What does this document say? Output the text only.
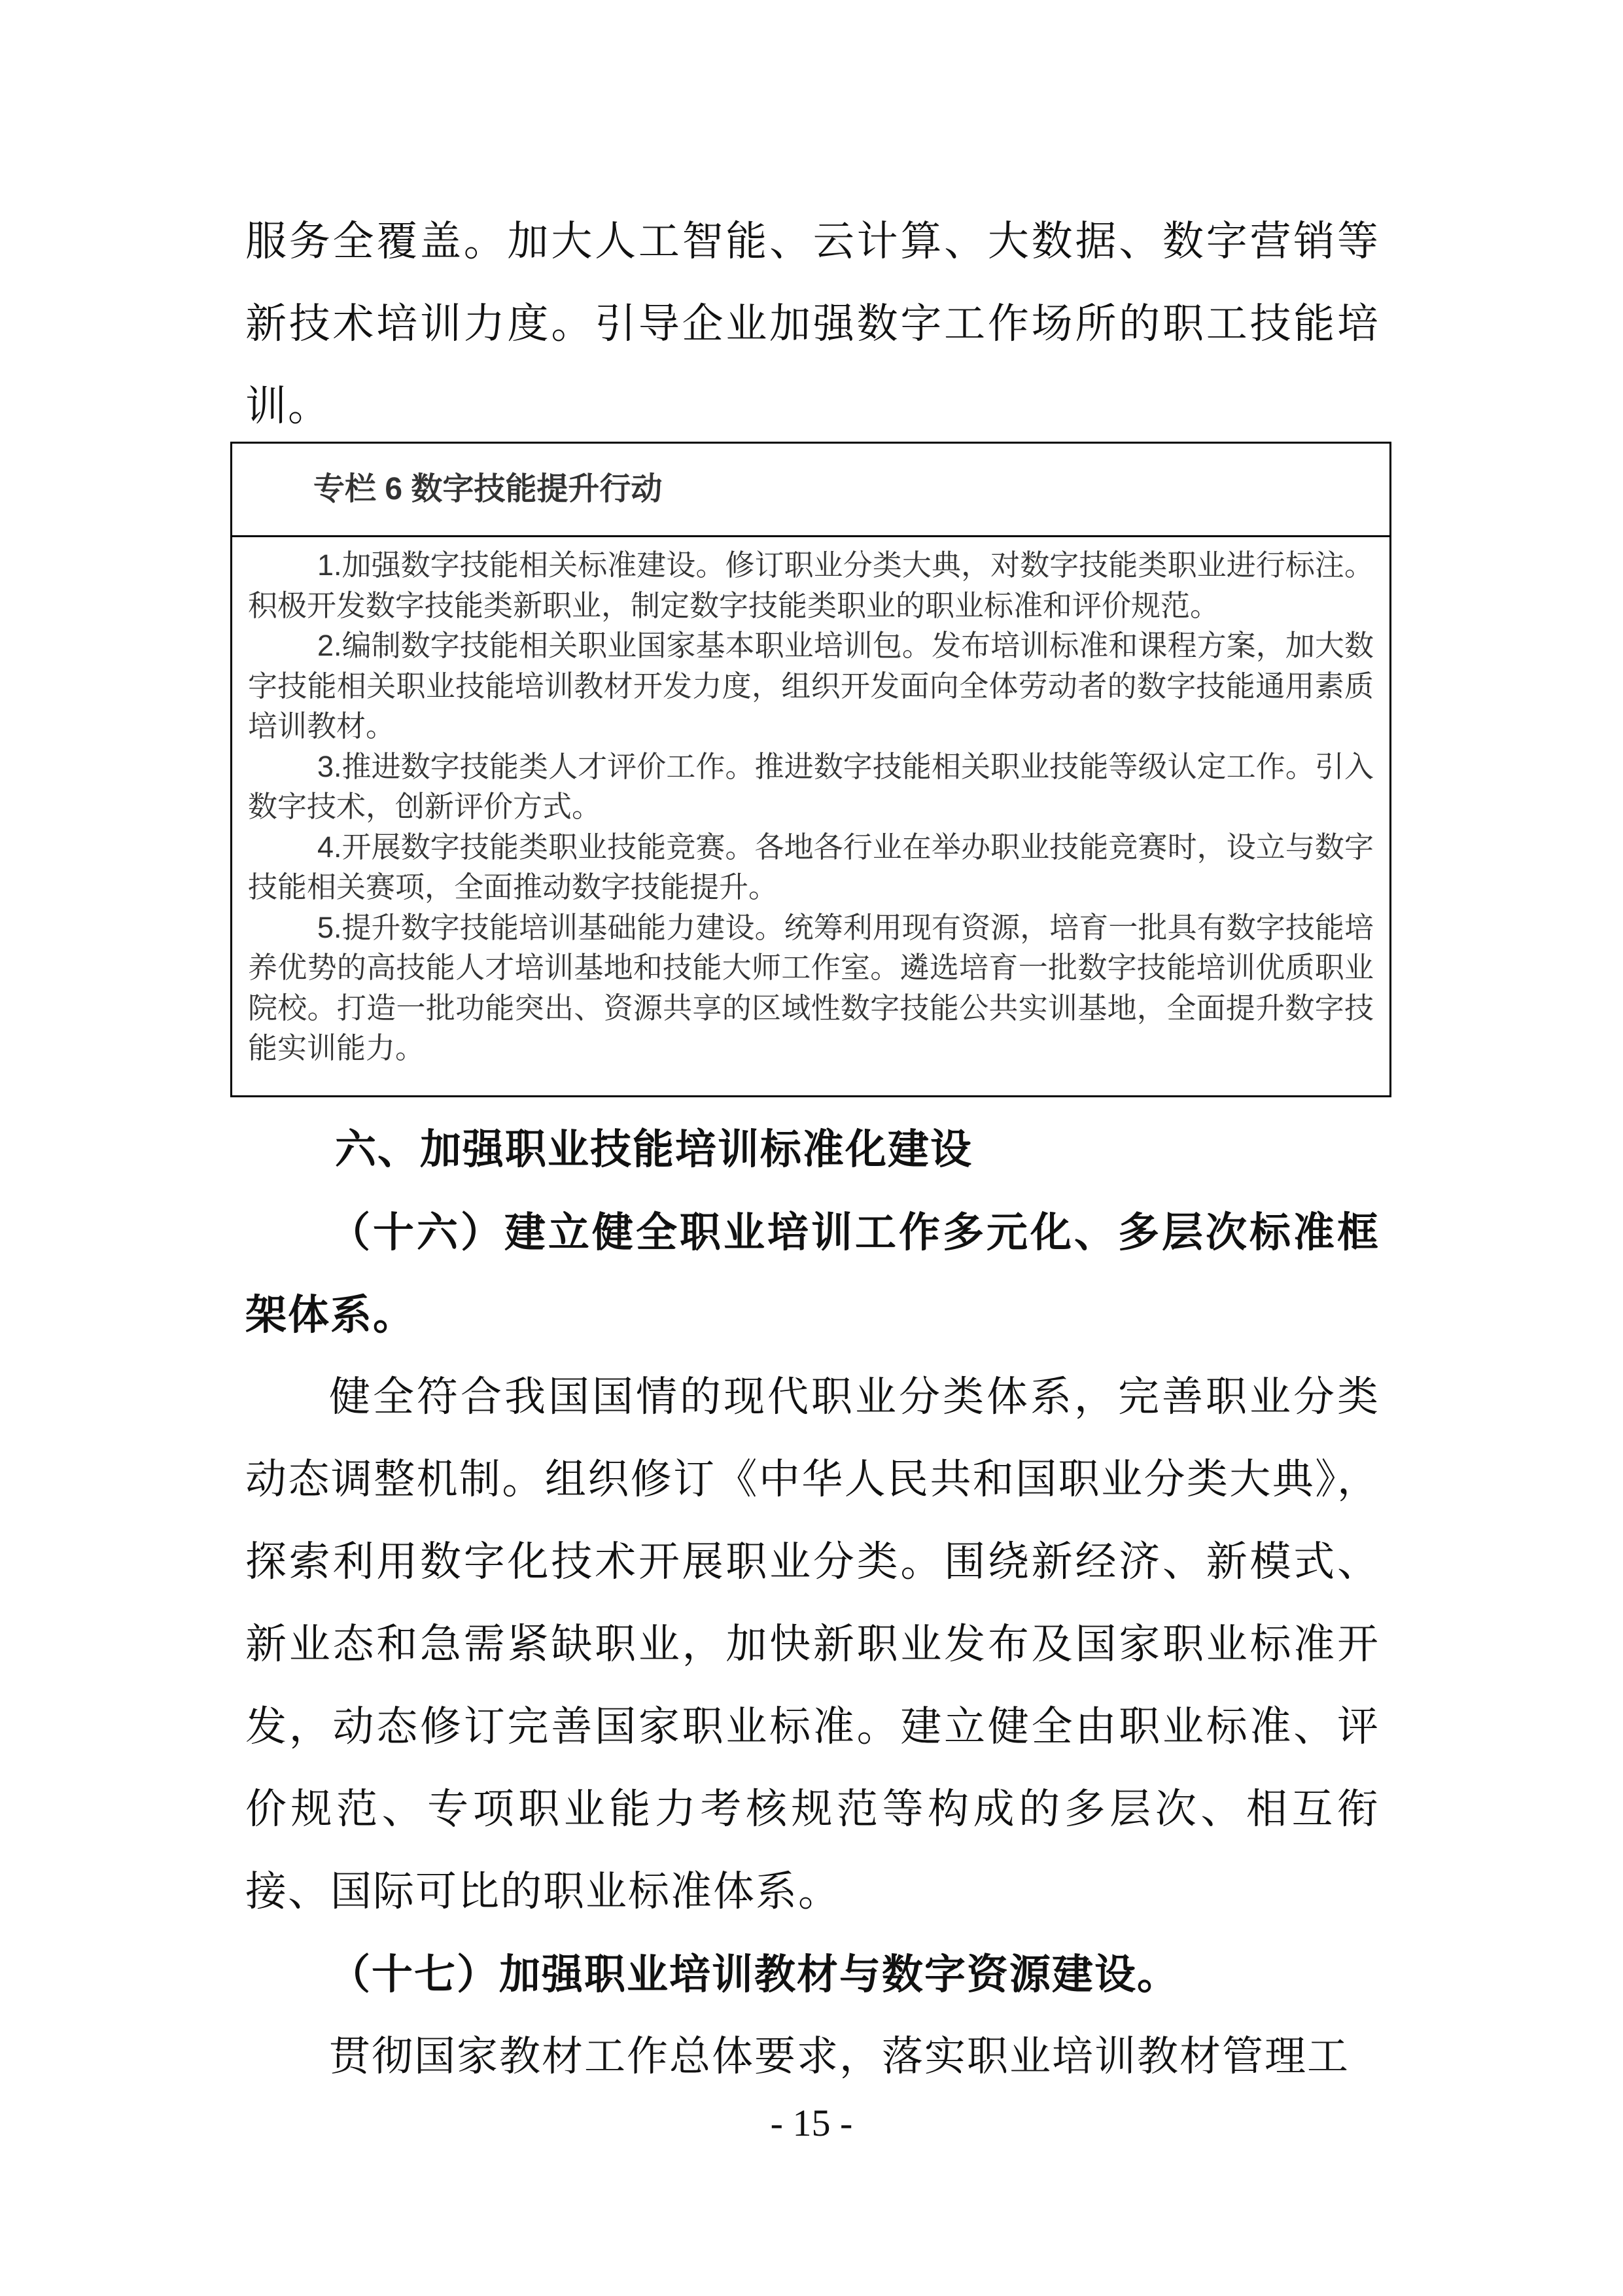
服务全覆盖。加大人工智能、云计算、大数据、数字营销等新技术培训力度。引导企业加强数字工作场所的职工技能培训。

专栏 6 数字技能提升行动

1.加强数字技能相关标准建设。修订职业分类大典，对数字技能类职业进行标注。积极开发数字技能类新职业，制定数字技能类职业的职业标准和评价规范。

2.编制数字技能相关职业国家基本职业培训包。发布培训标准和课程方案，加大数字技能相关职业技能培训教材开发力度，组织开发面向全体劳动者的数字技能通用素质培训教材。

3.推进数字技能类人才评价工作。推进数字技能相关职业技能等级认定工作。引入数字技术，创新评价方式。

4.开展数字技能类职业技能竞赛。各地各行业在举办职业技能竞赛时，设立与数字技能相关赛项，全面推动数字技能提升。

5.提升数字技能培训基础能力建设。统筹利用现有资源，培育一批具有数字技能培养优势的高技能人才培训基地和技能大师工作室。遴选培育一批数字技能培训优质职业院校。打造一批功能突出、资源共享的区域性数字技能公共实训基地，全面提升数字技能实训能力。

六、加强职业技能培训标准化建设

（十六）建立健全职业培训工作多元化、多层次标准框架体系。

健全符合我国国情的现代职业分类体系，完善职业分类动态调整机制。组织修订《中华人民共和国职业分类大典》，探索利用数字化技术开展职业分类。围绕新经济、新模式、新业态和急需紧缺职业，加快新职业发布及国家职业标准开发，动态修订完善国家职业标准。建立健全由职业标准、评价规范、专项职业能力考核规范等构成的多层次、相互衔接、国际可比的职业标准体系。

（十七）加强职业培训教材与数字资源建设。

贯彻国家教材工作总体要求，落实职业培训教材管理工

- 15 -
